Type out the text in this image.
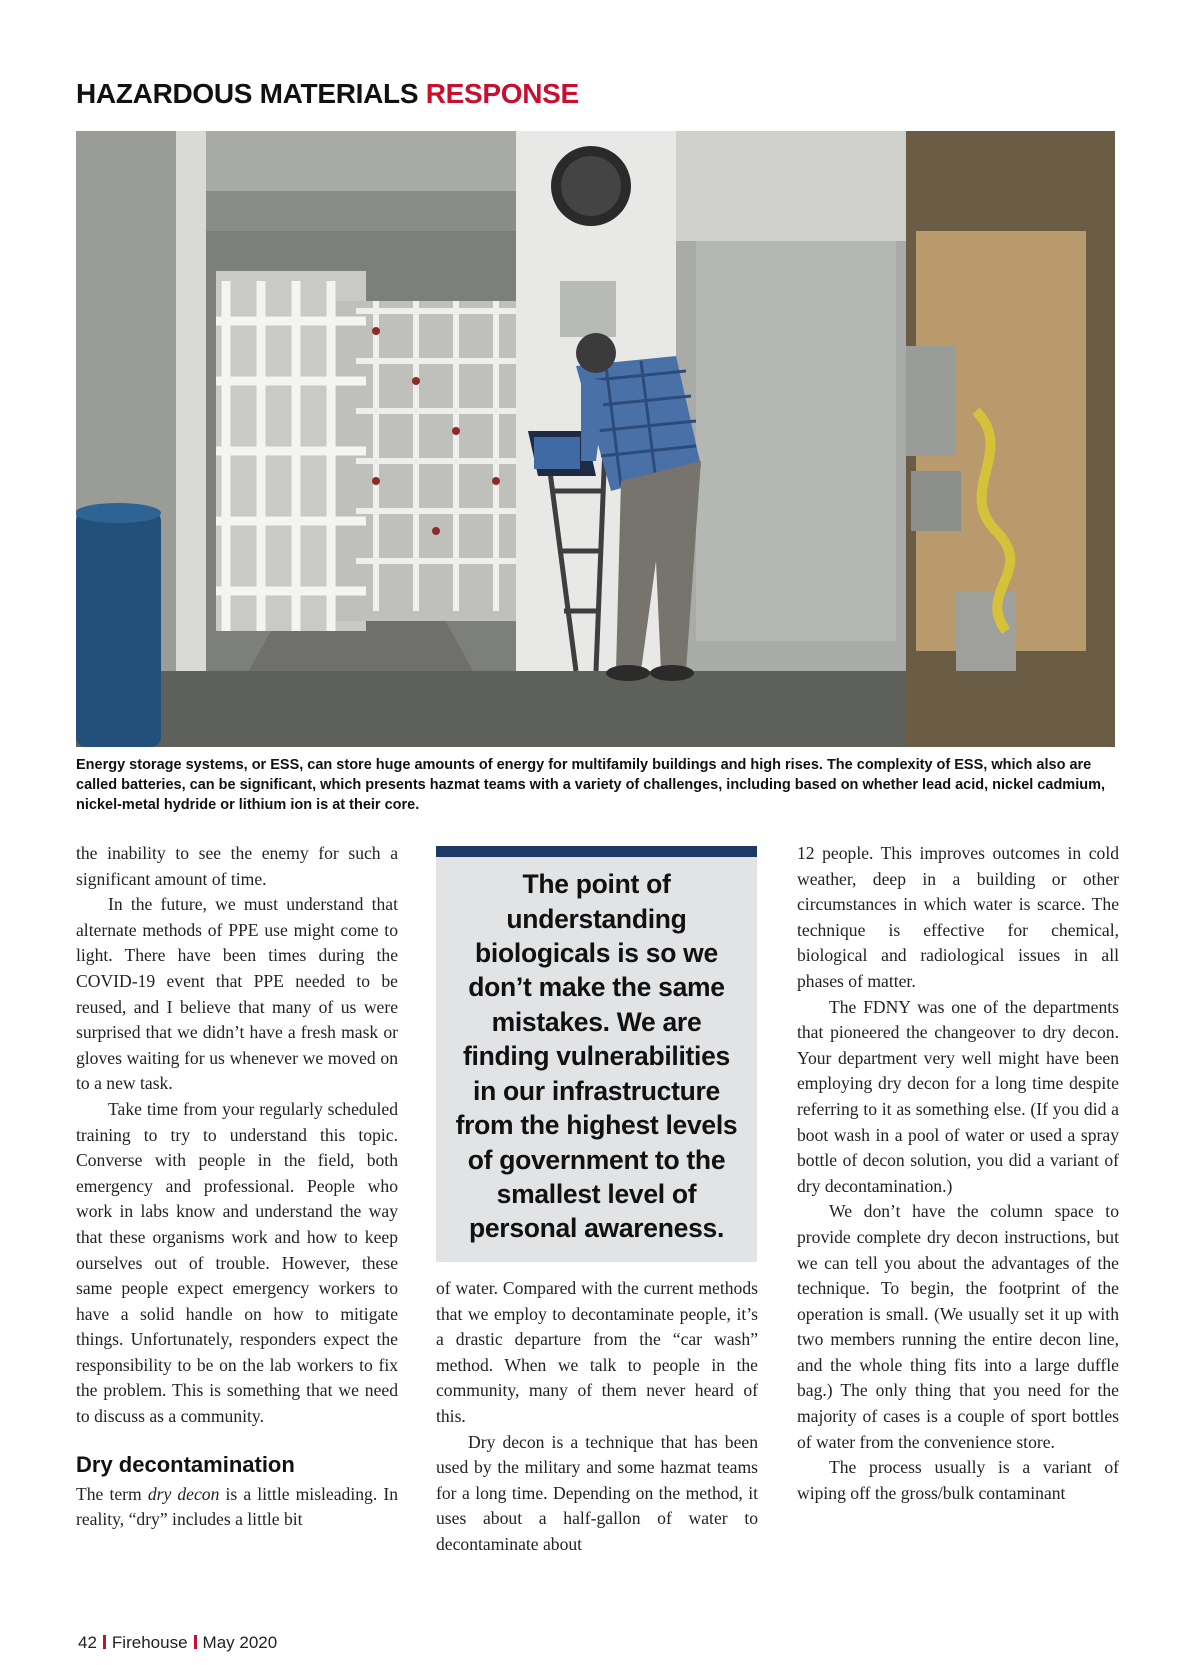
HAZARDOUS MATERIALS RESPONSE
Energy storage systems, or ESS, can store huge amounts of energy for multifamily buildings and high rises. The complexity of ESS, which also are called batteries, can be significant, which presents hazmat teams with a variety of challenges, including based on whether lead acid, nickel cadmium, nickel-metal hydride or lithium ion is at their core.

the inability to see the enemy for such a significant amount of time.

In the future, we must understand that alternate methods of PPE use might come to light. There have been times during the COVID-19 event that PPE needed to be reused, and I believe that many of us were surprised that we didn’t have a fresh mask or gloves waiting for us whenever we moved on to a new task.

Take time from your regularly scheduled training to try to understand this topic. Converse with people in the field, both emergency and professional. People who work in labs know and understand the way that these organisms work and how to keep ourselves out of trouble. However, these same people expect emergency workers to have a solid handle on how to mitigate things. Unfortunately, responders expect the responsibility to be on the lab workers to fix the problem. This is something that we need to discuss as a community.

Dry decontamination

The term dry decon is a little misleading. In reality, “dry” includes a little bit

The point of understanding biologicals is so we don’t make the same mistakes. We are finding vulnerabilities in our infrastructure from the highest levels of government to the smallest level of personal awareness.

of water. Compared with the current methods that we employ to decontaminate people, it’s a drastic departure from the “car wash” method. When we talk to people in the community, many of them never heard of this.

Dry decon is a technique that has been used by the military and some hazmat teams for a long time. Depending on the method, it uses about a half-gallon of water to decontaminate about

12 people. This improves outcomes in cold weather, deep in a building or other circumstances in which water is scarce. The technique is effective for chemical, biological and radiological issues in all phases of matter.

The FDNY was one of the departments that pioneered the changeover to dry decon. Your department very well might have been employing dry decon for a long time despite referring to it as something else. (If you did a boot wash in a pool of water or used a spray bottle of decon solution, you did a variant of dry decontamination.)

We don’t have the column space to provide complete dry decon instructions, but we can tell you about the advantages of the technique. To begin, the footprint of the operation is small. (We usually set it up with two members running the entire decon line, and the whole thing fits into a large duffle bag.) The only thing that you need for the majority of cases is a couple of sport bottles of water from the convenience store.

The process usually is a variant of wiping off the gross/bulk contaminant

42 Firehouse May 2020
